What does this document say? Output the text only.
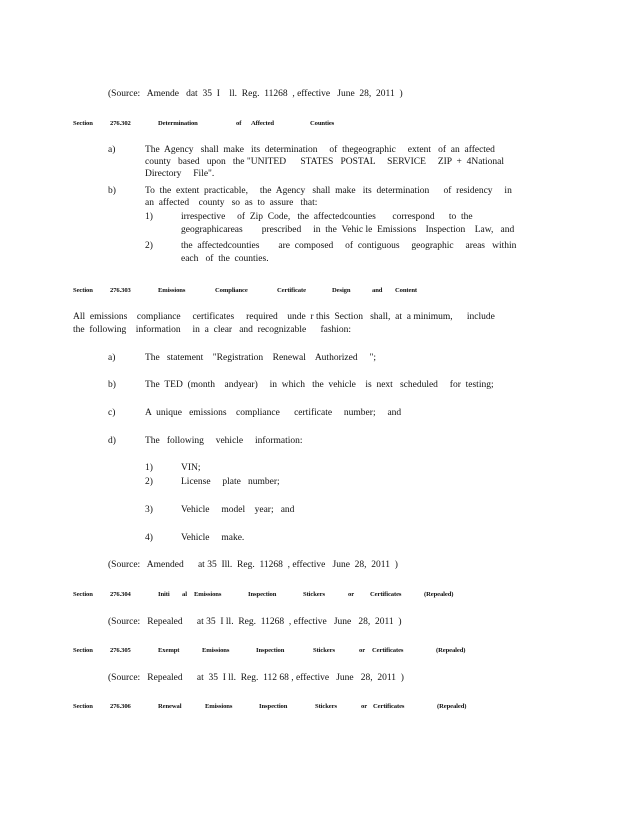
(Source:   Amende   dat  35  I    ll.  Reg.  11268  , effective   June  28,  2011  )

Section

	276.302

	Determination

	of

Affected

	Counties

a)	The  Agency   shall  make   its  determination     of  thegeographic     extent   of  an  affected
county   based   upon   the "UNITED      STATES   POSTAL     SERVICE     ZIP  +  4National
Directory     File".
b)	To  the  extent  practicable,     the  Agency   shall  make   its  determination      of  residency     in
an  affected    county   so  as  to  assure   that:
1)	irrespective     of  Zip  Code,   the  affectedcounties       correspond      to  the
geographicareas        prescribed     in  the  Vehic le  Emissions    Inspection    Law,   and
2)	the  affectedcounties        are  composed     of  contiguous     geographic     areas   within
each   of  the  counties.

Section

	276.303

	Emissions

	Compliance

	Certificate

	Design

	and

Content

All  emissions    compliance     certificates     required    unde  r this  Section   shall,  at  a minimum,      include
the  following    information     in  a  clear   and  recognizable      fashion:
a)	The   statement    "Registration    Renewal    Authorized     ";
b)	The  TED  (month    andyear)     in  which   the  vehicle    is  next   scheduled     for  testing;
c)	A  unique   emissions    compliance      certificate     number;     and
d)	The   following     vehicle     information:
1)	VIN;
2)	License     plate   number;
3)	Vehicle     model    year;   and
4)	Vehicle     make.
(Source:   Amended      at 35  Ill.  Reg.  11268  , effective   June  28,  2011  )

Section

	276.304

	Initi

al

Emissions

	Inspection

	Stickers

	or

Certificates

	(Repealed)

(Source:   Repealed      at 35  I ll.  Reg.  11268  , effective   June   28,  2011  )

Section

	276.305

	Exempt

	Emissions

	Inspection

	Stickers

	or

Certificates

	(Repealed)

(Source:   Repealed      at  35  I ll.  Reg.  112 68 , effective   June   28,  2011  )

Section

	276.306

	Renewal

	Emissions

	Inspection

	Stickers

	or

Certificates

	(Repealed)
